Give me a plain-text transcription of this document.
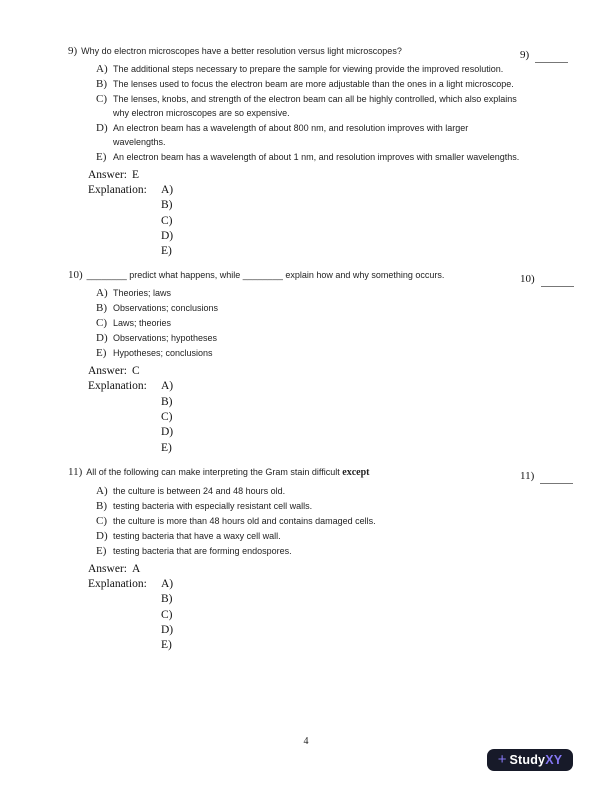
9) Why do electron microscopes have a better resolution versus light microscopes?	9)
A) The additional steps necessary to prepare the sample for viewing provide the improved resolution.
B) The lenses used to focus the electron beam are more adjustable than the ones in a light microscope.
C) The lenses, knobs, and strength of the electron beam can all be highly controlled, which also explains why electron microscopes are so expensive.
D) An electron beam has a wavelength of about 800 nm, and resolution improves with larger wavelengths.
E) An electron beam has a wavelength of about 1 nm, and resolution improves with smaller wavelengths.
Answer: E
Explanation:	A)
B)
C)
D)
E)
10) ________ predict what happens, while ________ explain how and why something occurs.	10)
A) Theories; laws
B) Observations; conclusions
C) Laws; theories
D) Observations; hypotheses
E) Hypotheses; conclusions
Answer: C
Explanation:	A)
B)
C)
D)
E)
11) All of the following can make interpreting the Gram stain difficult except	11)
A) the culture is between 24 and 48 hours old.
B) testing bacteria with especially resistant cell walls.
C) the culture is more than 48 hours old and contains damaged cells.
D) testing bacteria that have a waxy cell wall.
E) testing bacteria that are forming endospores.
Answer: A
Explanation:	A)
B)
C)
D)
E)
4
+ StudyXY
